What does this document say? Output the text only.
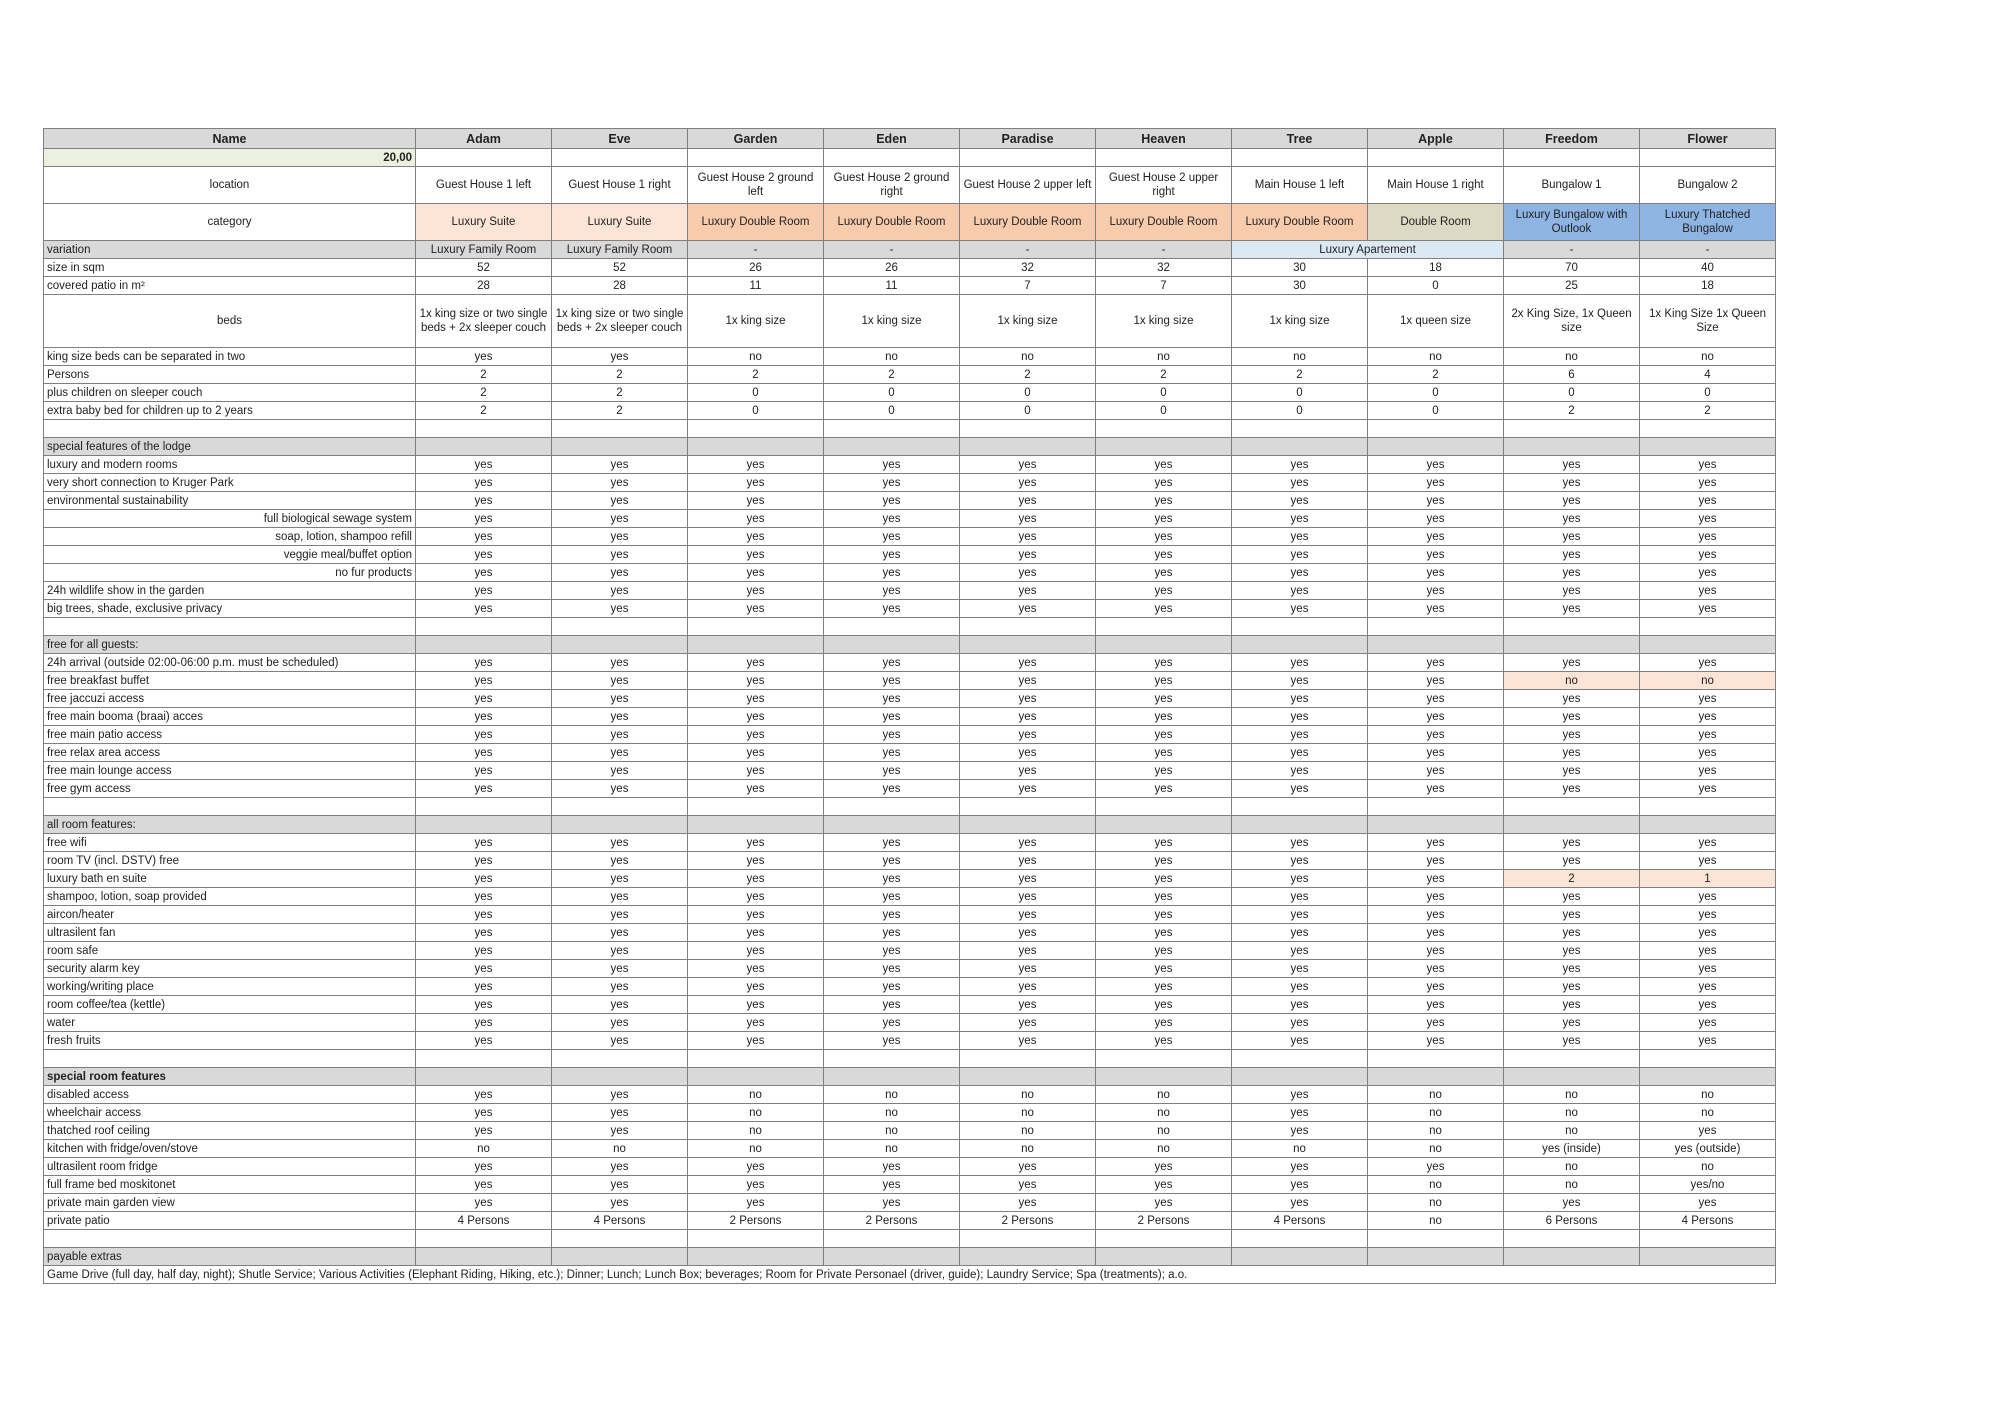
Name	Adam	Eve	Garden	Eden	Paradise	Heaven	Tree	Apple	Freedom	Flower
20,00										
location	Guest House 1 left	Guest House 1 right	Guest House 2 ground left	Guest House 2 ground right	Guest House 2 upper left	Guest House 2 upper right	Main House 1 left	Main House 1 right	Bungalow 1	Bungalow 2
category	Luxury Suite	Luxury Suite	Luxury Double Room	Luxury Double Room	Luxury Double Room	Luxury Double Room	Luxury Double Room	Double Room	Luxury Bungalow with Outlook	Luxury Thatched Bungalow
variation	Luxury Family Room	Luxury Family Room	-	-	-	-	Luxury Apartement		-	-
size in sqm	52	52	26	26	32	32	30	18	70	40
covered patio in m²	28	28	11	11	7	7	30	0	25	18
beds	1x king size or two single beds + 2x sleeper couch	1x king size or two single beds + 2x sleeper couch	1x king size	1x king size	1x king size	1x king size	1x king size	1x queen size	2x King Size, 1x Queen size	1x King Size 1x Queen Size
king size beds can be separated in two	yes	yes	no	no	no	no	no	no	no	no
Persons	2	2	2	2	2	2	2	2	6	4
plus children on sleeper couch	2	2	0	0	0	0	0	0	0	0
extra baby bed for children up to 2 years	2	2	0	0	0	0	0	0	2	2

special features of the lodge										
luxury and modern rooms	yes	yes	yes	yes	yes	yes	yes	yes	yes	yes
very short connection to Kruger Park	yes	yes	yes	yes	yes	yes	yes	yes	yes	yes
environmental sustainability	yes	yes	yes	yes	yes	yes	yes	yes	yes	yes
full biological sewage system	yes	yes	yes	yes	yes	yes	yes	yes	yes	yes
soap, lotion, shampoo refill	yes	yes	yes	yes	yes	yes	yes	yes	yes	yes
veggie meal/buffet option	yes	yes	yes	yes	yes	yes	yes	yes	yes	yes
no fur products	yes	yes	yes	yes	yes	yes	yes	yes	yes	yes
24h wildlife show in the garden	yes	yes	yes	yes	yes	yes	yes	yes	yes	yes
big trees, shade, exclusive privacy	yes	yes	yes	yes	yes	yes	yes	yes	yes	yes

free for all guests:										
24h arrival (outside 02:00-06:00 p.m. must be scheduled)	yes	yes	yes	yes	yes	yes	yes	yes	yes	yes
free breakfast buffet	yes	yes	yes	yes	yes	yes	yes	yes	no	no
free jaccuzi access	yes	yes	yes	yes	yes	yes	yes	yes	yes	yes
free main booma (braai) acces	yes	yes	yes	yes	yes	yes	yes	yes	yes	yes
free main patio access	yes	yes	yes	yes	yes	yes	yes	yes	yes	yes
free relax area access	yes	yes	yes	yes	yes	yes	yes	yes	yes	yes
free main lounge access	yes	yes	yes	yes	yes	yes	yes	yes	yes	yes
free gym access	yes	yes	yes	yes	yes	yes	yes	yes	yes	yes

all room features:										
free wifi	yes	yes	yes	yes	yes	yes	yes	yes	yes	yes
room TV (incl. DSTV) free	yes	yes	yes	yes	yes	yes	yes	yes	yes	yes
luxury bath en suite	yes	yes	yes	yes	yes	yes	yes	yes	2	1
shampoo, lotion, soap provided	yes	yes	yes	yes	yes	yes	yes	yes	yes	yes
aircon/heater	yes	yes	yes	yes	yes	yes	yes	yes	yes	yes
ultrasilent fan	yes	yes	yes	yes	yes	yes	yes	yes	yes	yes
room safe	yes	yes	yes	yes	yes	yes	yes	yes	yes	yes
security alarm key	yes	yes	yes	yes	yes	yes	yes	yes	yes	yes
working/writing place	yes	yes	yes	yes	yes	yes	yes	yes	yes	yes
room coffee/tea (kettle)	yes	yes	yes	yes	yes	yes	yes	yes	yes	yes
water	yes	yes	yes	yes	yes	yes	yes	yes	yes	yes
fresh fruits	yes	yes	yes	yes	yes	yes	yes	yes	yes	yes

special room features										
disabled access	yes	yes	no	no	no	no	yes	no	no	no
wheelchair access	yes	yes	no	no	no	no	yes	no	no	no
thatched roof ceiling	yes	yes	no	no	no	no	yes	no	no	yes
kitchen with fridge/oven/stove	no	no	no	no	no	no	no	no	yes (inside)	yes (outside)
ultrasilent room fridge	yes	yes	yes	yes	yes	yes	yes	yes	no	no
full frame bed moskitonet	yes	yes	yes	yes	yes	yes	yes	no	no	yes/no
private main garden view	yes	yes	yes	yes	yes	yes	yes	no	yes	yes
private patio	4 Persons	4 Persons	2 Persons	2 Persons	2 Persons	2 Persons	4 Persons	no	6 Persons	4 Persons

payable extras										
Game Drive (full day, half day, night); Shutle Service; Various Activities (Elephant Riding, Hiking, etc.); Dinner; Lunch; Lunch Box; beverages; Room for Private Personael (driver, guide); Laundry Service; Spa (treatments); a.o.										
